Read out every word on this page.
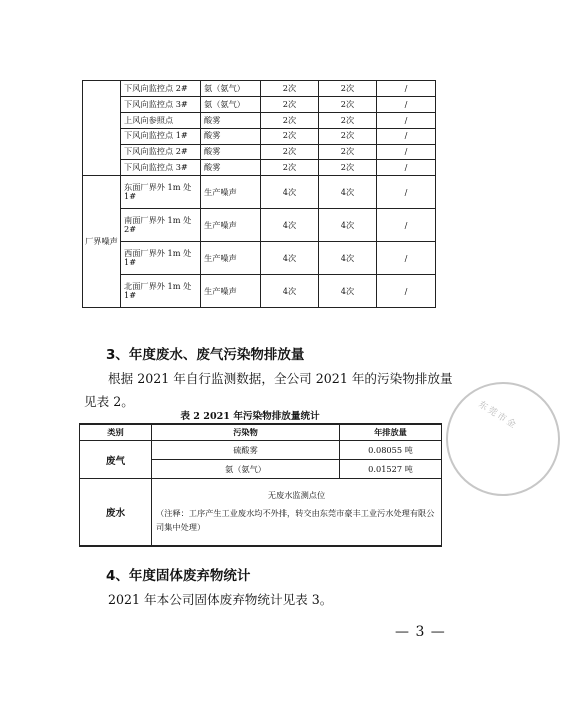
	下风向监控点 2#	氨（氨气）	2次	2次	/
	下风向监控点 3#	氨（氨气）	2次	2次	/
	上风向参照点	酸雾	2次	2次	/
	下风向监控点 1#	酸雾	2次	2次	/
	下风向监控点 2#	酸雾	2次	2次	/
	下风向监控点 3#	酸雾	2次	2次	/
厂界噪声	东面厂界外 1m 处 1#	生产噪声	4次	4次	/
	南面厂界外 1m 处 2#	生产噪声	4次	4次	/
	西面厂界外 1m 处 1#	生产噪声	4次	4次	/
	北面厂界外 1m 处 1#	生产噪声	4次	4次	/
3、年度废水、废气污染物排放量
根据 2021 年自行监测数据，全公司 2021 年的污染物排放量见表 2。
表 2 2021 年污染物排放量统计
类别	污染物	年排放量
废气	硫酸雾	0.08055 吨
	氨（氨气）	0.01527 吨
废水	无废水监测点位
（注释：工序产生工业废水均不外排，转交由东莞市豪丰工业污水处理有限公司集中处理）	
4、年度固体废弃物统计
2021 年本公司固体废弃物统计见表 3。
— 3 —
东莞市金
